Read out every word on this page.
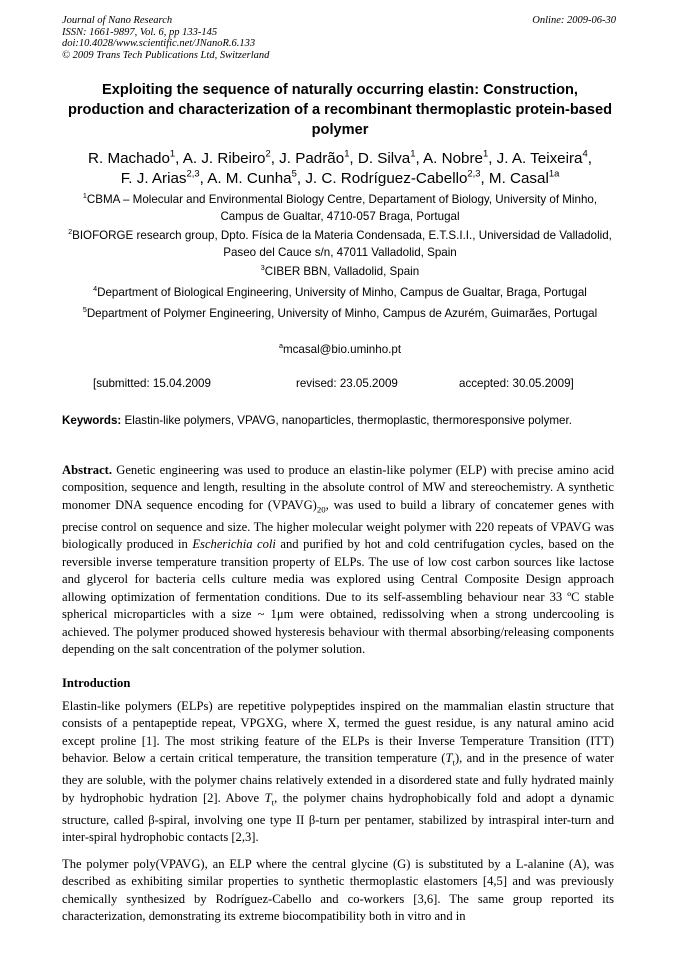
Journal of Nano Research
ISSN: 1661-9897, Vol. 6, pp 133-145
doi:10.4028/www.scientific.net/JNanoR.6.133
© 2009 Trans Tech Publications Ltd, Switzerland
Online: 2009-06-30
Exploiting the sequence of naturally occurring elastin: Construction, production and characterization of a recombinant thermoplastic protein-based polymer
R. Machado$^1$, A. J. Ribeiro$^2$, J. Padrão$^1$, D. Silva$^1$, A. Nobre$^1$, J. A. Teixeira$^4$,
F. J. Arias$^{2,3}$, A. M. Cunha$^5$, J. C. Rodríguez-Cabello$^{2,3}$, M. Casal$^{1a}$
$^1$CBMA – Molecular and Environmental Biology Centre, Departament of Biology, University of Minho, Campus de Gualtar, 4710-057 Braga, Portugal
$^2$BIOFORGE research group, Dpto. Física de la Materia Condensada, E.T.S.I.I., Universidad de Valladolid, Paseo del Cauce s/n, 47011 Valladolid, Spain
$^3$CIBER BBN, Valladolid, Spain
$^4$Department of Biological Engineering, University of Minho, Campus de Gualtar, Braga, Portugal
$^5$Department of Polymer Engineering, University of Minho, Campus de Azurém, Guimarães, Portugal
$^a$mcasal@bio.uminho.pt
[submitted: 15.04.2009	revised: 23.05.2009	accepted: 30.05.2009]
Keywords: Elastin-like polymers, VPAVG, nanoparticles, thermoplastic, thermoresponsive polymer.
Abstract. Genetic engineering was used to produce an elastin-like polymer (ELP) with precise amino acid composition, sequence and length, resulting in the absolute control of MW and stereochemistry. A synthetic monomer DNA sequence encoding for $(VPAVG)_{20}$, was used to build a library of concatemer genes with precise control on sequence and size. The higher molecular weight polymer with 220 repeats of VPAVG was biologically produced in Escherichia coli and purified by hot and cold centrifugation cycles, based on the reversible inverse temperature transition property of ELPs. The use of low cost carbon sources like lactose and glycerol for bacteria cells culture media was explored using Central Composite Design approach allowing optimization of fermentation conditions. Due to its self-assembling behaviour near 33 ºC stable spherical microparticles with a size ~ 1μm were obtained, redissolving when a strong undercooling is achieved. The polymer produced showed hysteresis behaviour with thermal absorbing/releasing components depending on the salt concentration of the polymer solution.
Introduction
Elastin-like polymers (ELPs) are repetitive polypeptides inspired on the mammalian elastin structure that consists of a pentapeptide repeat, VPGXG, where X, termed the guest residue, is any natural amino acid except proline [1]. The most striking feature of the ELPs is their Inverse Temperature Transition (ITT) behavior. Below a certain critical temperature, the transition temperature $(T_t)$, and in the presence of water they are soluble, with the polymer chains relatively extended in a disordered state and fully hydrated mainly by hydrophobic hydration [2]. Above $T_t$, the polymer chains hydrophobically fold and adopt a dynamic structure, called β-spiral, involving one type II β-turn per pentamer, stabilized by intraspiral inter-turn and inter-spiral hydrophobic contacts [2,3].
The polymer poly(VPAVG), an ELP where the central glycine (G) is substituted by a L-alanine (A), was described as exhibiting similar properties to synthetic thermoplastic elastomers [4,5] and was previously chemically synthesized by Rodríguez-Cabello and co-workers [3,6]. The same group reported its characterization, demonstrating its extreme biocompatibility both in vitro and in
